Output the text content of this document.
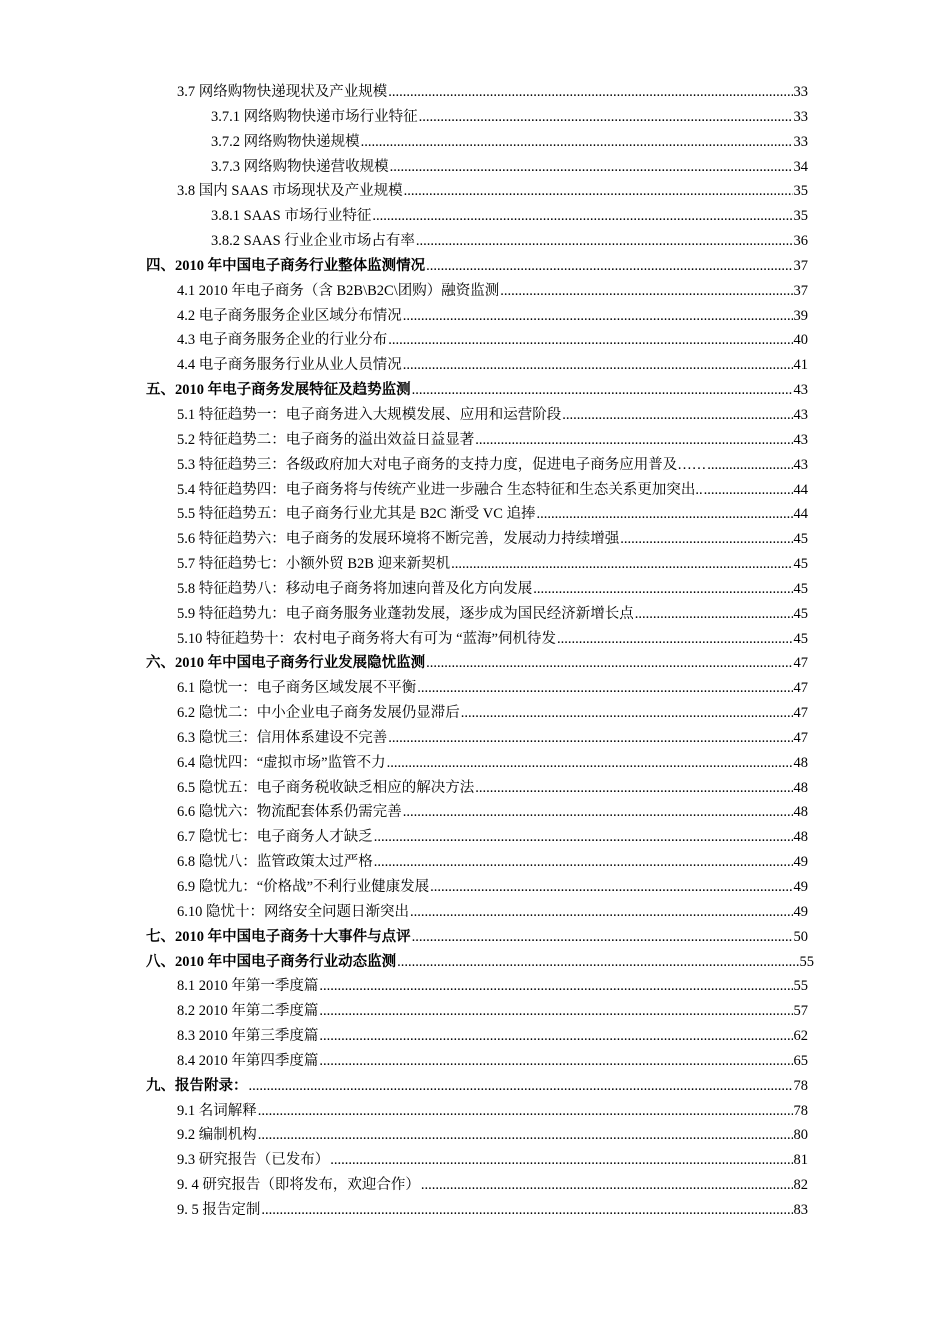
3.7 网络购物快递现状及产业规模 .....	33
3.7.1 网络购物快递市场行业特征 .....	33
3.7.2 网络购物快递规模 .....	33
3.7.3 网络购物快递营收规模 .....	34
3.8 国内 SAAS 市场现状及产业规模 .....	35
3.8.1 SAAS 市场行业特征 .....	35
3.8.2 SAAS 行业企业市场占有率 .....	36
四、2010 年中国电子商务行业整体监测情况 .....	37
4.1 2010 年电子商务（含 B2B\B2C\团购）融资监测 .....	37
4.2 电子商务服务企业区域分布情况 .....	39
4.3 电子商务服务企业的行业分布 .....	40
4.4 电子商务服务行业从业人员情况 .....	41
五、2010 年电子商务发展特征及趋势监测 .....	43
5.1 特征趋势一：电子商务进入大规模发展、应用和运营阶段 .....	43
5.2 特征趋势二：电子商务的溢出效益日益显著 .....	43
5.3 特征趋势三：各级政府加大对电子商务的支持力度，促进电子商务应用普及…… .....	43
5.4 特征趋势四：电子商务将与传统产业进一步融合 生态特征和生态关系更加突出.. .....	44
5.5 特征趋势五：电子商务行业尤其是 B2C 渐受 VC 追捧 .....	44
5.6 特征趋势六：电子商务的发展环境将不断完善，发展动力持续增强 .....	45
5.7 特征趋势七：小额外贸 B2B 迎来新契机 .....	45
5.8 特征趋势八：移动电子商务将加速向普及化方向发展 .....	45
5.9 特征趋势九：电子商务服务业蓬勃发展，逐步成为国民经济新增长点 .....	45
5.10 特征趋势十：农村电子商务将大有可为 “蓝海”伺机待发 .....	45
六、2010 年中国电子商务行业发展隐忧监测 .....	47
6.1 隐忧一：电子商务区域发展不平衡 .....	47
6.2 隐忧二：中小企业电子商务发展仍显滞后 .....	47
6.3 隐忧三：信用体系建设不完善 .....	47
6.4 隐忧四：“虚拟市场”监管不力 .....	48
6.5 隐忧五：电子商务税收缺乏相应的解决方法 .....	48
6.6 隐忧六：物流配套体系仍需完善 .....	48
6.7 隐忧七：电子商务人才缺乏 .....	48
6.8 隐忧八：监管政策太过严格 .....	49
6.9 隐忧九：“价格战”不利行业健康发展 .....	49
6.10 隐忧十：网络安全问题日渐突出 .....	49
七、2010 年中国电子商务十大事件与点评 .....	50
八、2010 年中国电子商务行业动态监测 .....	55
8.1 2010 年第一季度篇 .....	55
8.2 2010 年第二季度篇 .....	57
8.3 2010 年第三季度篇 .....	62
8.4 2010 年第四季度篇 .....	65
九、报告附录： .....	78
9.1 名词解释 .....	78
9.2 编制机构 .....	80
9.3 研究报告（已发布） .....	81
9. 4 研究报告（即将发布，欢迎合作） .....	82
9. 5 报告定制 .....	83
